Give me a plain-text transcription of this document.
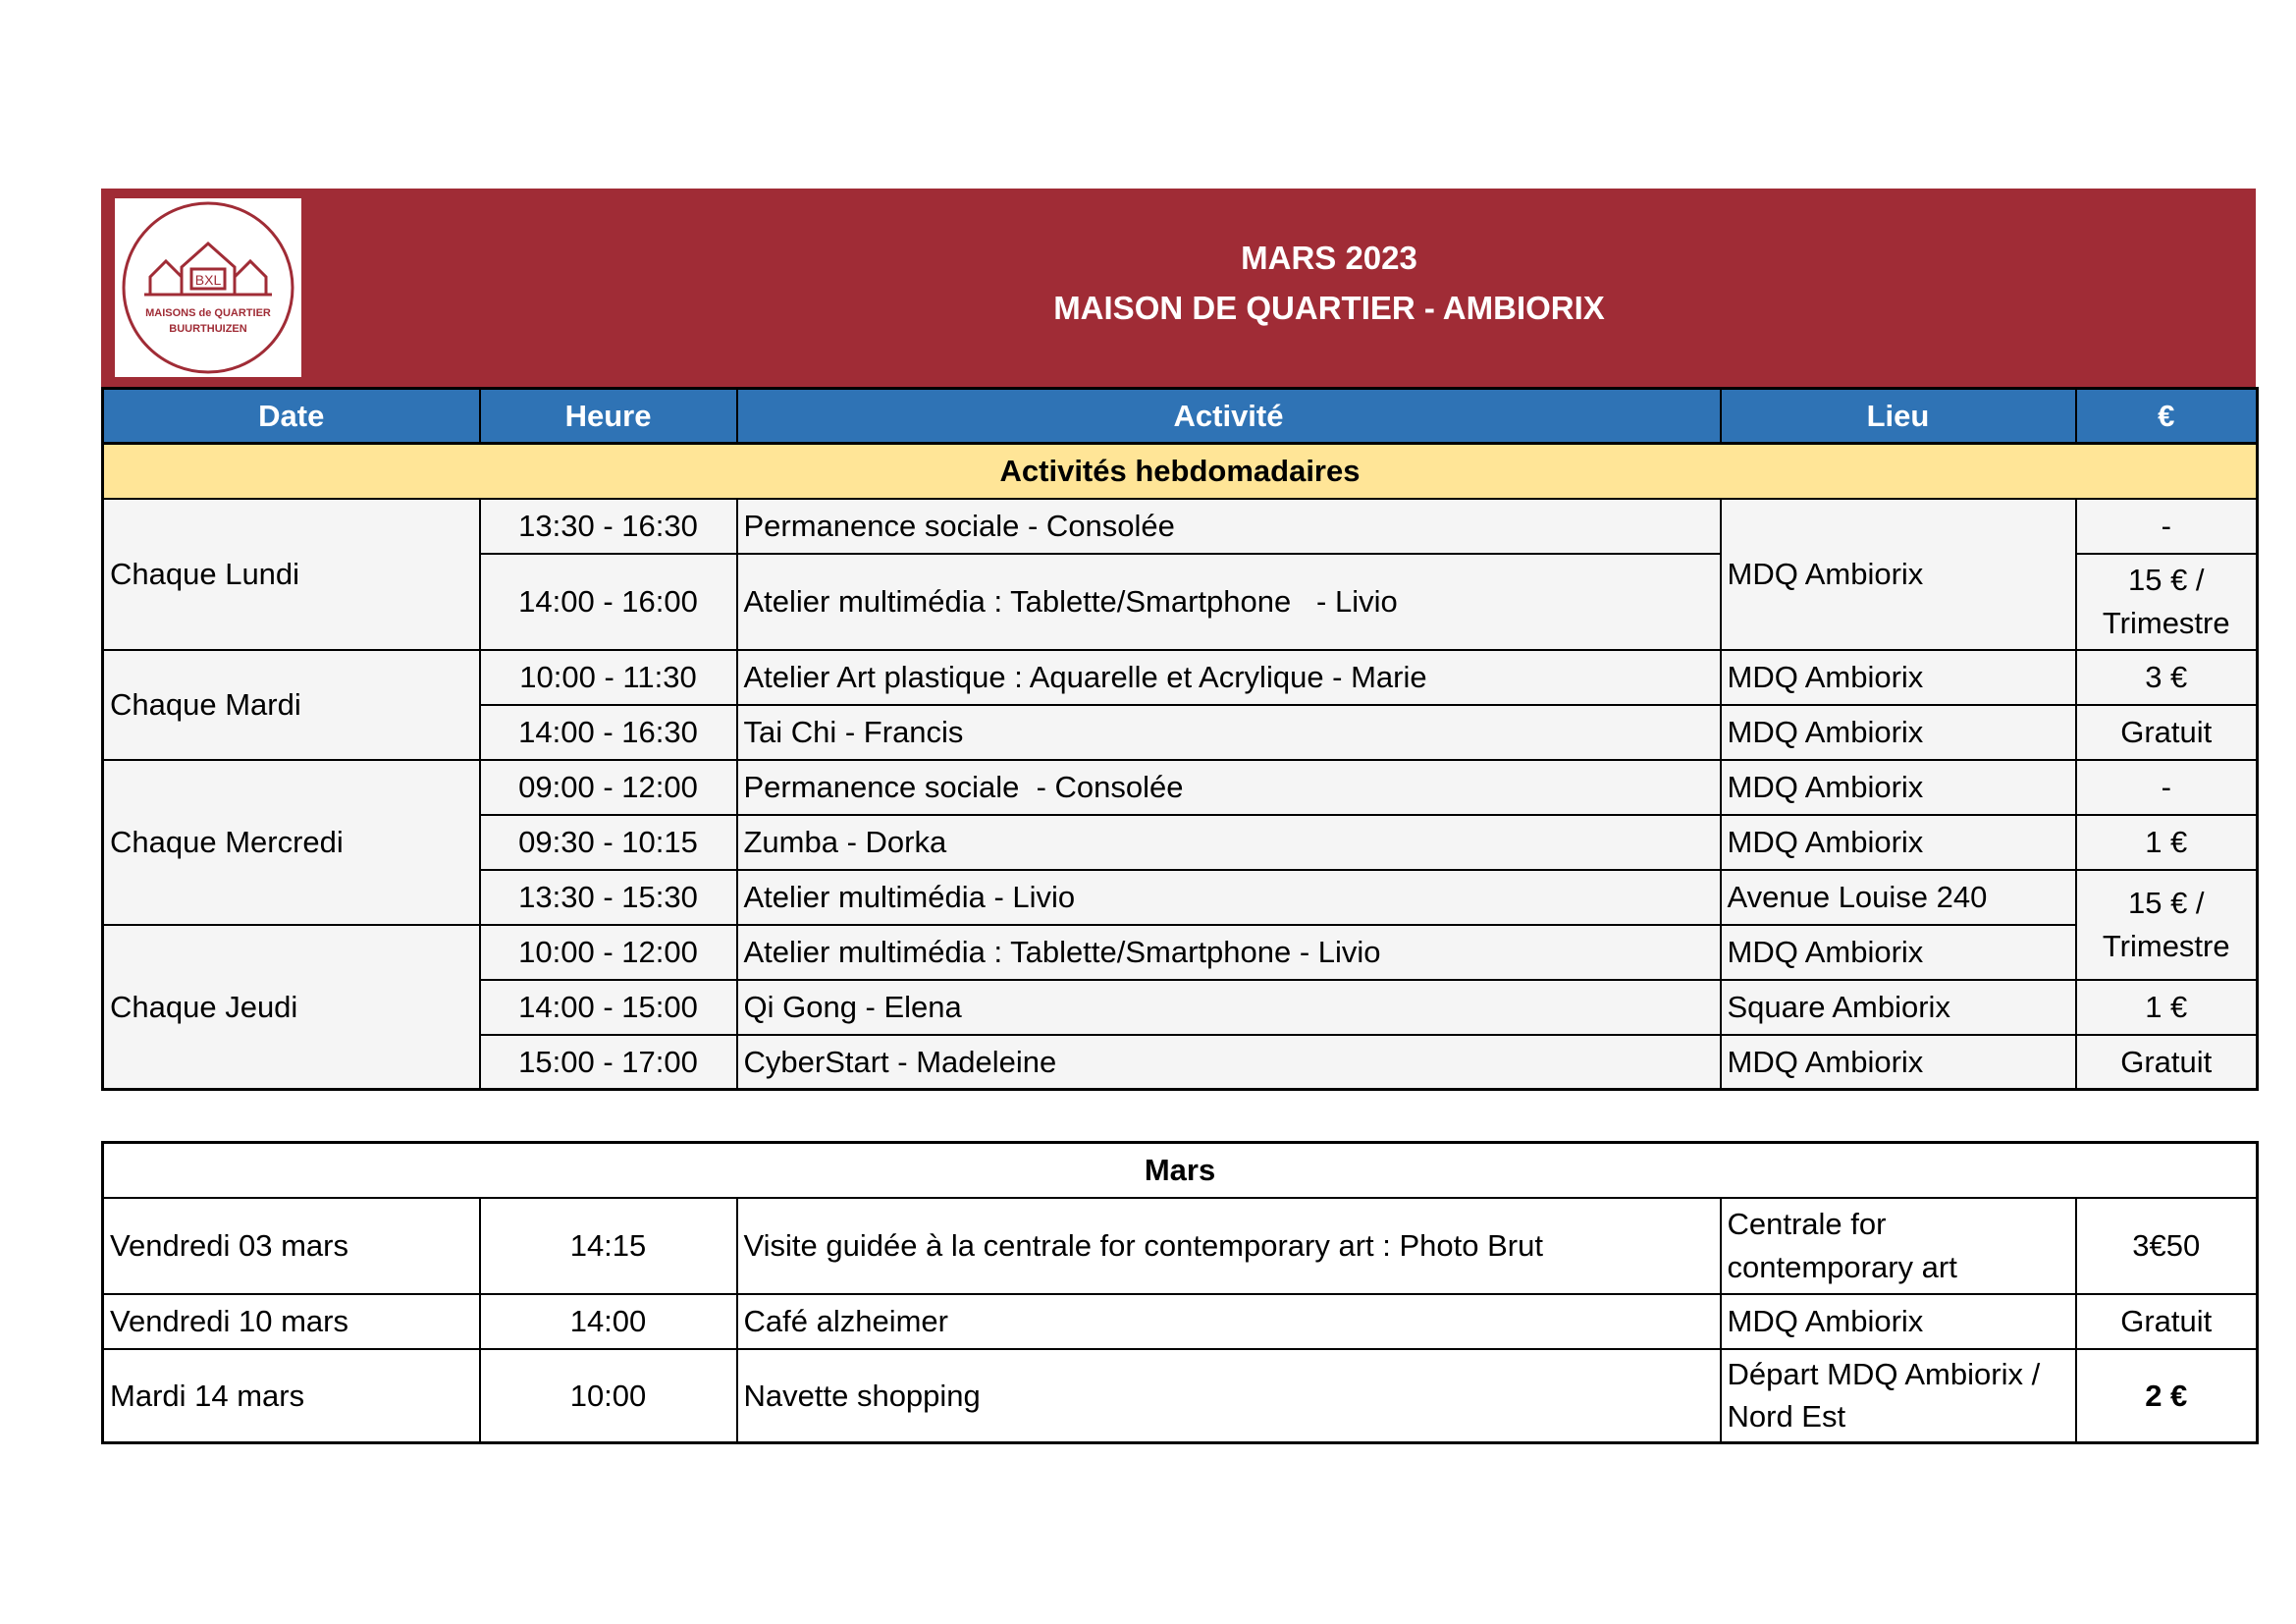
MARS 2023
MAISON DE QUARTIER - AMBIORIX
BXL
MAISONS de QUARTIER
BUURTHUIZEN
Date	Heure	Activité	Lieu	€
Activités hebdomadaires				
Chaque Lundi	13:30 - 16:30	Permanence sociale - Consolée	MDQ Ambiorix	-
	14:00 - 16:00	Atelier multimédia : Tablette/Smartphone   - Livio		15 € /
Trimestre

Chaque Mardi	10:00 - 11:30	Atelier Art plastique : Aquarelle et Acrylique - Marie	MDQ Ambiorix	3 €
	14:00 - 16:30	Tai Chi - Francis	MDQ Ambiorix	Gratuit
Chaque Mercredi	09:00 - 12:00	Permanence sociale  - Consolée	MDQ Ambiorix	-
	09:30 - 10:15	Zumba - Dorka	MDQ Ambiorix	1 €
	13:30 - 15:30	Atelier multimédia - Livio	Avenue Louise 240	15 € /
Trimestre

Chaque Jeudi	10:00 - 12:00	Atelier multimédia : Tablette/Smartphone - Livio	MDQ Ambiorix	
	14:00 - 15:00	Qi Gong - Elena	Square Ambiorix	1 €
	15:00 - 17:00	CyberStart - Madeleine	MDQ Ambiorix	Gratuit
Mars				
Vendredi 03 mars	14:15	Visite guidée à la centrale for contemporary art : Photo Brut	Centrale for
contemporary art	3€50
Vendredi 10 mars	14:00	Café alzheimer	MDQ Ambiorix	Gratuit
Mardi 14 mars	10:00	Navette shopping	Départ MDQ Ambiorix /
Nord Est	2 €
